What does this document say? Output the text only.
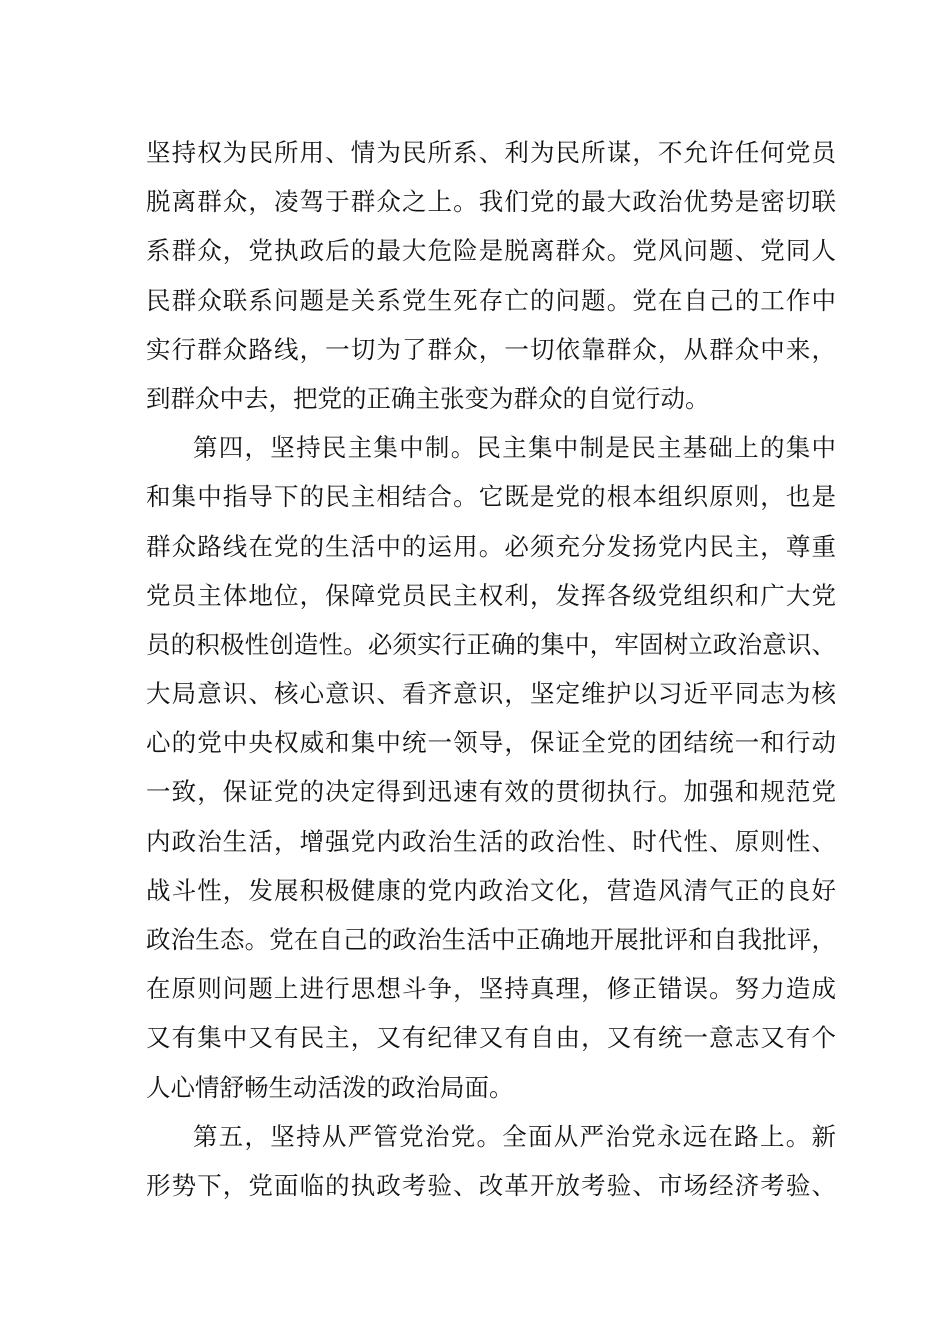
坚持权为民所用、情为民所系、利为民所谋，不允许任何党员
脱离群众，凌驾于群众之上。我们党的最大政治优势是密切联
系群众，党执政后的最大危险是脱离群众。党风问题、党同人
民群众联系问题是关系党生死存亡的问题。党在自己的工作中
实行群众路线，一切为了群众，一切依靠群众，从群众中来，
到群众中去，把党的正确主张变为群众的自觉行动。
第四，坚持民主集中制。民主集中制是民主基础上的集中
和集中指导下的民主相结合。它既是党的根本组织原则，也是
群众路线在党的生活中的运用。必须充分发扬党内民主，尊重
党员主体地位，保障党员民主权利，发挥各级党组织和广大党
员的积极性创造性。必须实行正确的集中，牢固树立政治意识、
大局意识、核心意识、看齐意识，坚定维护以习近平同志为核
心的党中央权威和集中统一领导，保证全党的团结统一和行动
一致，保证党的决定得到迅速有效的贯彻执行。加强和规范党
内政治生活，增强党内政治生活的政治性、时代性、原则性、
战斗性，发展积极健康的党内政治文化，营造风清气正的良好
政治生态。党在自己的政治生活中正确地开展批评和自我批评，
在原则问题上进行思想斗争，坚持真理，修正错误。努力造成
又有集中又有民主，又有纪律又有自由，又有统一意志又有个
人心情舒畅生动活泼的政治局面。
第五，坚持从严管党治党。全面从严治党永远在路上。新
形势下，党面临的执政考验、改革开放考验、市场经济考验、
